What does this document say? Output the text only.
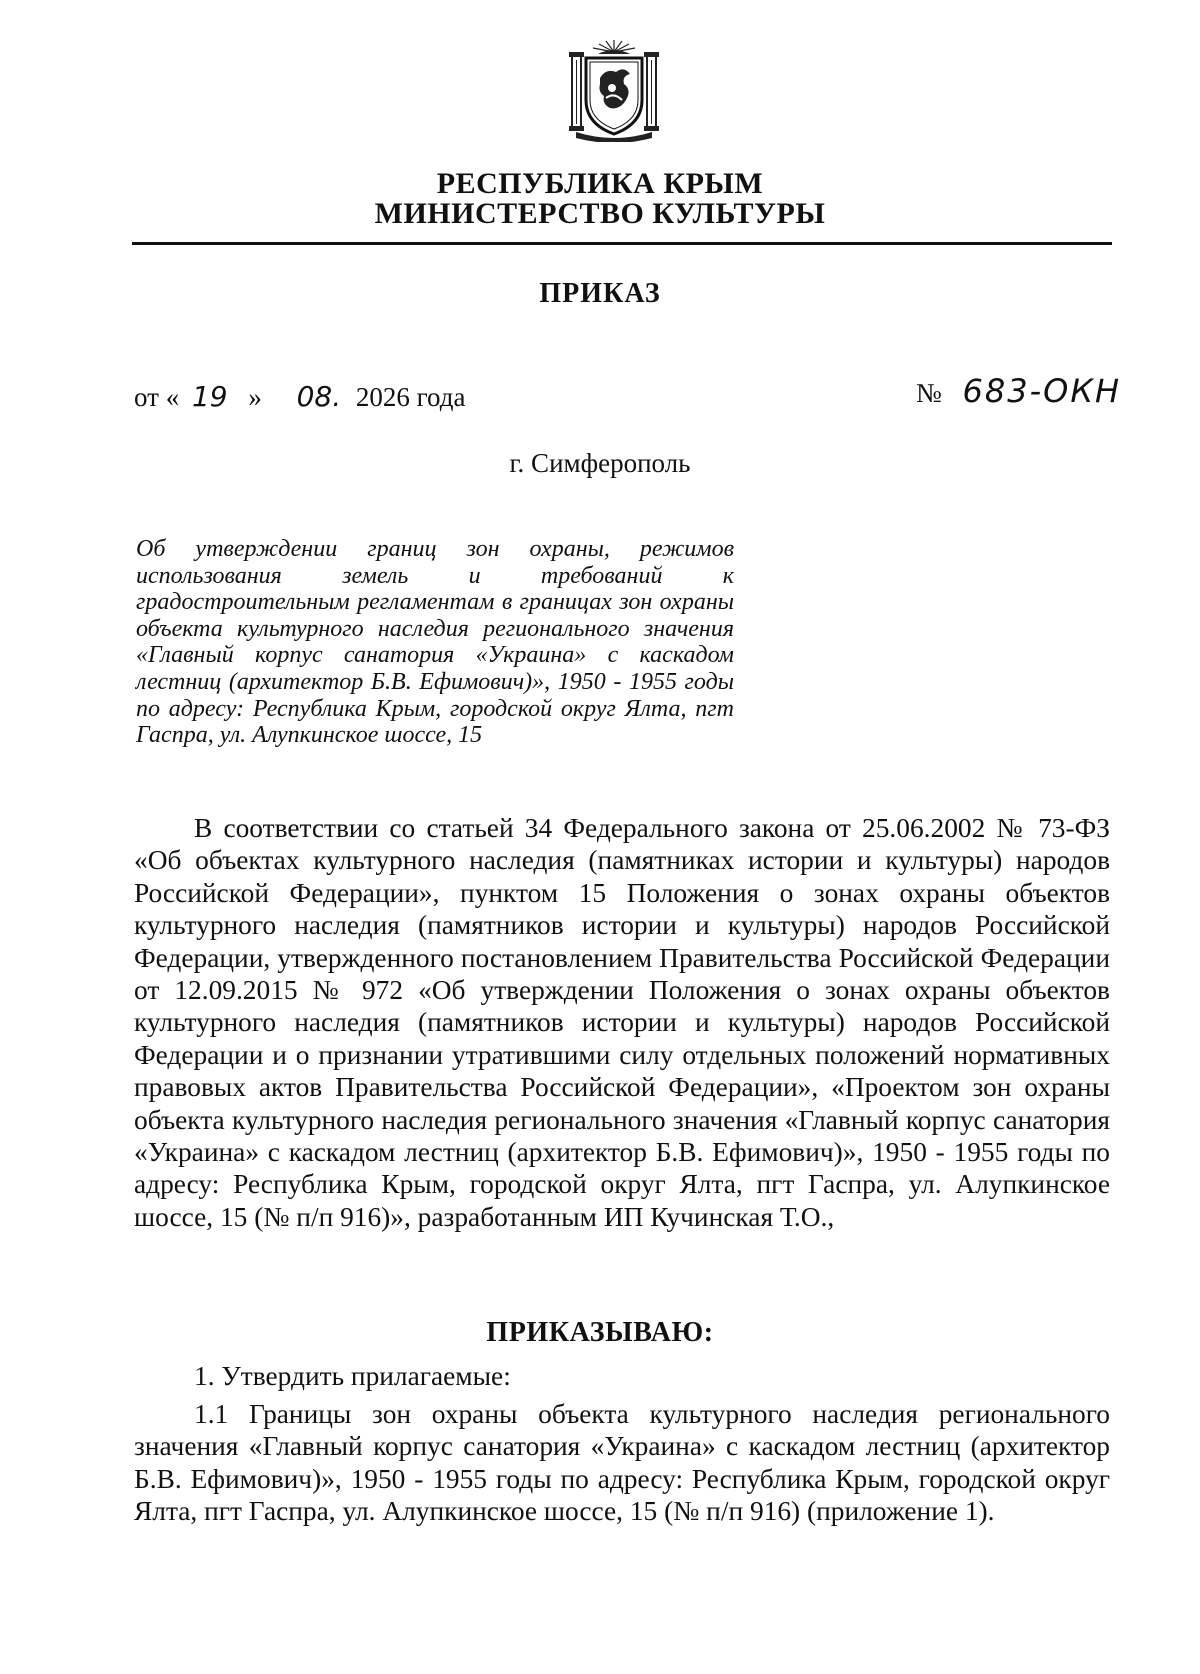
РЕСПУБЛИКА КРЫМ
МИНИСТЕРСТВО КУЛЬТУРЫ
ПРИКАЗ
от « 19 » 08. 2026 года	№ 683-ОКН
г. Симферополь
Об утверждении границ зон охраны, режимов использования земель и требований к градостроительным регламентам в границах зон охраны объекта культурного наследия регионального значения «Главный корпус санатория «Украина» с каскадом лестниц (архитектор Б.В. Ефимович)», 1950 - 1955 годы по адресу: Республика Крым, городской округ Ялта, пгт Гаспра, ул. Алупкинское шоссе, 15
В соответствии со статьей 34 Федерального закона от 25.06.2002 № 73-ФЗ «Об объектах культурного наследия (памятниках истории и культуры) народов Российской Федерации», пунктом 15 Положения о зонах охраны объектов культурного наследия (памятников истории и культуры) народов Российской Федерации, утвержденного постановлением Правительства Российской Федерации от 12.09.2015 № 972 «Об утверждении Положения о зонах охраны объектов культурного наследия (памятников истории и культуры) народов Российской Федерации и о признании утратившими силу отдельных положений нормативных правовых актов Правительства Российской Федерации», «Проектом зон охраны объекта культурного наследия регионального значения «Главный корпус санатория «Украина» с каскадом лестниц (архитектор Б.В. Ефимович)», 1950 - 1955 годы по адресу: Республика Крым, городской округ Ялта, пгт Гаспра, ул. Алупкинское шоссе, 15 (№ п/п 916)», разработанным ИП Кучинская Т.О.,
ПРИКАЗЫВАЮ:
1. Утвердить прилагаемые:
1.1 Границы зон охраны объекта культурного наследия регионального значения «Главный корпус санатория «Украина» с каскадом лестниц (архитектор Б.В. Ефимович)», 1950 - 1955 годы по адресу: Республика Крым, городской округ Ялта, пгт Гаспра, ул. Алупкинское шоссе, 15 (№ п/п 916) (приложение 1).
